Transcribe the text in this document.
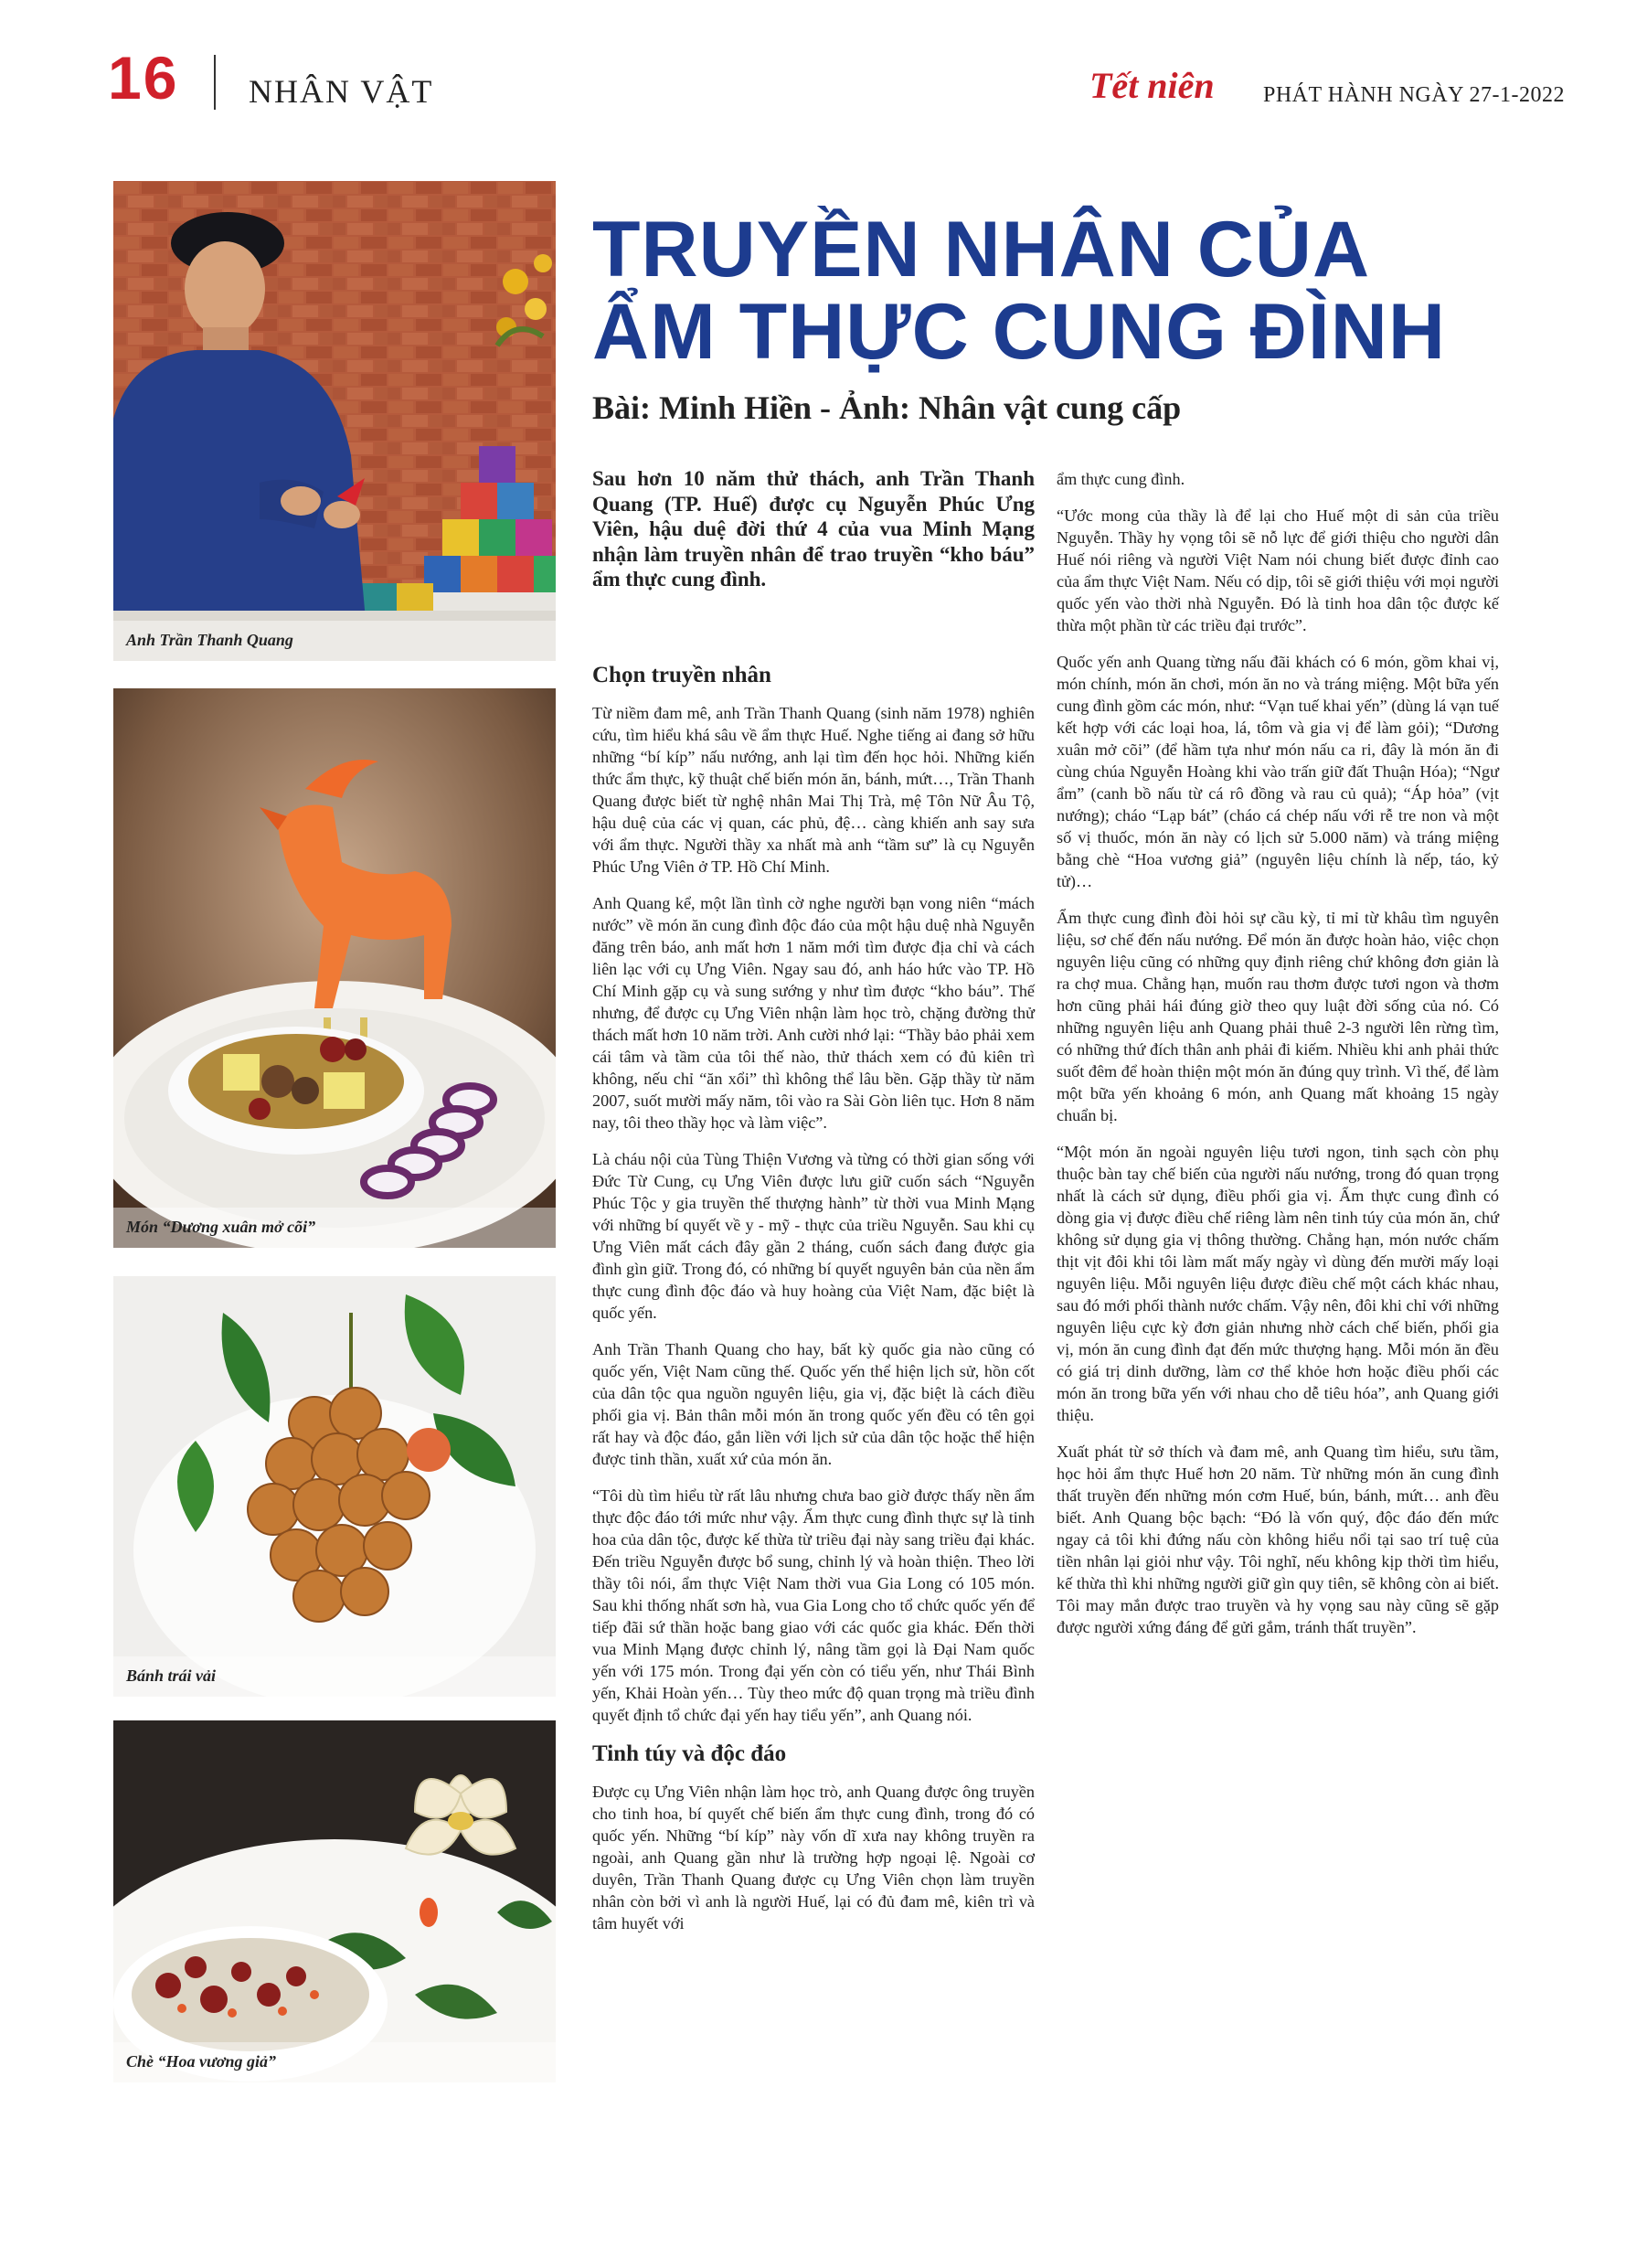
16 NHÂN VẬT	Tết niên PHÁT HÀNH NGÀY 27-1-2022
Anh Trần Thanh Quang
Món “Dương xuân mở cõi”
Bánh trái vải
Chè “Hoa vương giả”
TRUYỀN NHÂN CỦA
ẨM THỰC CUNG ĐÌNH
Bài: Minh Hiền - Ảnh: Nhân vật cung cấp
Sau hơn 10 năm thử thách, anh Trần Thanh Quang (TP. Huế) được cụ Nguyễn Phúc Ưng Viên, hậu duệ đời thứ 4 của vua Minh Mạng nhận làm truyền nhân để trao truyền “kho báu” ẩm thực cung đình.

Chọn truyền nhân

Từ niềm đam mê, anh Trần Thanh Quang (sinh năm 1978) nghiên cứu, tìm hiểu khá sâu về ẩm thực Huế. Nghe tiếng ai đang sở hữu những “bí kíp” nấu nướng, anh lại tìm đến học hỏi. Những kiến thức ẩm thực, kỹ thuật chế biến món ăn, bánh, mứt…, Trần Thanh Quang được biết từ nghệ nhân Mai Thị Trà, mệ Tôn Nữ Âu Tộ, hậu duệ của các vị quan, các phủ, đệ… càng khiến anh say sưa với ẩm thực. Người thầy xa nhất mà anh “tầm sư” là cụ Nguyễn Phúc Ưng Viên ở TP. Hồ Chí Minh.

Anh Quang kể, một lần tình cờ nghe người bạn vong niên “mách nước” về món ăn cung đình độc đáo của một hậu duệ nhà Nguyễn đăng trên báo, anh mất hơn 1 năm mới tìm được địa chỉ và cách liên lạc với cụ Ưng Viên. Ngay sau đó, anh háo hức vào TP. Hồ Chí Minh gặp cụ và sung sướng y như tìm được “kho báu”. Thế nhưng, để được cụ Ưng Viên nhận làm học trò, chặng đường thử thách mất hơn 10 năm trời. Anh cười nhớ lại: “Thầy bảo phải xem cái tâm và tầm của tôi thế nào, thử thách xem có đủ kiên trì không, nếu chỉ “ăn xổi” thì không thể lâu bền. Gặp thầy từ năm 2007, suốt mười mấy năm, tôi vào ra Sài Gòn liên tục. Hơn 8 năm nay, tôi theo thầy học và làm việc”.

Là cháu nội của Tùng Thiện Vương và từng có thời gian sống với Đức Từ Cung, cụ Ưng Viên được lưu giữ cuốn sách “Nguyễn Phúc Tộc y gia truyền thế thượng hành” từ thời vua Minh Mạng với những bí quyết về y - mỹ - thực của triều Nguyễn. Sau khi cụ Ưng Viên mất cách đây gần 2 tháng, cuốn sách đang được gia đình gìn giữ. Trong đó, có những bí quyết nguyên bản của nền ẩm thực cung đình độc đáo và huy hoàng của Việt Nam, đặc biệt là quốc yến.

Anh Trần Thanh Quang cho hay, bất kỳ quốc gia nào cũng có quốc yến, Việt Nam cũng thế. Quốc yến thể hiện lịch sử, hồn cốt của dân tộc qua nguồn nguyên liệu, gia vị, đặc biệt là cách điều phối gia vị. Bản thân mỗi món ăn trong quốc yến đều có tên gọi rất hay và độc đáo, gắn liền với lịch sử của dân tộc hoặc thể hiện được tinh thần, xuất xứ của món ăn.

“Tôi dù tìm hiểu từ rất lâu nhưng chưa bao giờ được thấy nền ẩm thực độc đáo tới mức như vậy. Ẩm thực cung đình thực sự là tinh hoa của dân tộc, được kế thừa từ triều đại này sang triều đại khác. Đến triều Nguyễn được bổ sung, chỉnh lý và hoàn thiện. Theo lời thầy tôi nói, ẩm thực Việt Nam thời vua Gia Long có 105 món. Sau khi thống nhất sơn hà, vua Gia Long cho tổ chức quốc yến để tiếp đãi sứ thần hoặc bang giao với các quốc gia khác. Đến thời vua Minh Mạng được chỉnh lý, nâng tầm gọi là Đại Nam quốc yến với 175 món. Trong đại yến còn có tiểu yến, như Thái Bình yến, Khải Hoàn yến… Tùy theo mức độ quan trọng mà triều đình quyết định tổ chức đại yến hay tiểu yến”, anh Quang nói.

Tinh túy và độc đáo

Được cụ Ưng Viên nhận làm học trò, anh Quang được ông truyền cho tinh hoa, bí quyết chế biến ẩm thực cung đình, trong đó có quốc yến. Những “bí kíp” này vốn dĩ xưa nay không truyền ra ngoài, anh Quang gần như là trường hợp ngoại lệ. Ngoài cơ duyên, Trần Thanh Quang được cụ Ưng Viên chọn làm truyền nhân còn bởi vì anh là người Huế, lại có đủ đam mê, kiên trì và tâm huyết với

ẩm thực cung đình.

“Ước mong của thầy là để lại cho Huế một di sản của triều Nguyễn. Thầy hy vọng tôi sẽ nỗ lực để giới thiệu cho người dân Huế nói riêng và người Việt Nam nói chung biết được đỉnh cao của ẩm thực Việt Nam. Nếu có dịp, tôi sẽ giới thiệu với mọi người quốc yến vào thời nhà Nguyễn. Đó là tinh hoa dân tộc được kế thừa một phần từ các triều đại trước”.

Quốc yến anh Quang từng nấu đãi khách có 6 món, gồm khai vị, món chính, món ăn chơi, món ăn no và tráng miệng. Một bữa yến cung đình gồm các món, như: “Vạn tuế khai yến” (dùng lá vạn tuế kết hợp với các loại hoa, lá, tôm và gia vị để làm gỏi); “Dương xuân mở cõi” (để hầm tựa như món nấu ca ri, đây là món ăn đi cùng chúa Nguyễn Hoàng khi vào trấn giữ đất Thuận Hóa); “Ngư ẩm” (canh bồ nấu từ cá rô đồng và rau củ quả); “Áp hỏa” (vịt nướng); cháo “Lạp bát” (cháo cá chép nấu với rễ tre non và một số vị thuốc, món ăn này có lịch sử 5.000 năm) và tráng miệng bằng chè “Hoa vương giả” (nguyên liệu chính là nếp, táo, kỷ tử)…

Ẩm thực cung đình đòi hỏi sự cầu kỳ, tỉ mỉ từ khâu tìm nguyên liệu, sơ chế đến nấu nướng. Để món ăn được hoàn hảo, việc chọn nguyên liệu cũng có những quy định riêng chứ không đơn giản là ra chợ mua. Chẳng hạn, muốn rau thơm được tươi ngon và thơm hơn cũng phải hái đúng giờ theo quy luật đời sống của nó. Có những nguyên liệu anh Quang phải thuê 2-3 người lên rừng tìm, có những thứ đích thân anh phải đi kiếm. Nhiều khi anh phải thức suốt đêm để hoàn thiện một món ăn đúng quy trình. Vì thế, để làm một bữa yến khoảng 6 món, anh Quang mất khoảng 15 ngày chuẩn bị.

“Một món ăn ngoài nguyên liệu tươi ngon, tinh sạch còn phụ thuộc bàn tay chế biến của người nấu nướng, trong đó quan trọng nhất là cách sử dụng, điều phối gia vị. Ẩm thực cung đình có dòng gia vị được điều chế riêng làm nên tinh túy của món ăn, chứ không sử dụng gia vị thông thường. Chẳng hạn, món nước chấm thịt vịt đôi khi tôi làm mất mấy ngày vì dùng đến mười mấy loại nguyên liệu. Mỗi nguyên liệu được điều chế một cách khác nhau, sau đó mới phối thành nước chấm. Vậy nên, đôi khi chỉ với những nguyên liệu cực kỳ đơn giản nhưng nhờ cách chế biến, phối gia vị, món ăn cung đình đạt đến mức thượng hạng. Mỗi món ăn đều có giá trị dinh dưỡng, làm cơ thể khỏe hơn hoặc điều phối các món ăn trong bữa yến với nhau cho dễ tiêu hóa”, anh Quang giới thiệu.

Xuất phát từ sở thích và đam mê, anh Quang tìm hiểu, sưu tầm, học hỏi ẩm thực Huế hơn 20 năm. Từ những món ăn cung đình thất truyền đến những món cơm Huế, bún, bánh, mứt… anh đều biết. Anh Quang bộc bạch: “Đó là vốn quý, độc đáo đến mức ngay cả tôi khi đứng nấu còn không hiểu nổi tại sao trí tuệ của tiền nhân lại giỏi như vậy. Tôi nghĩ, nếu không kịp thời tìm hiểu, kế thừa thì khi những người giữ gìn quy tiên, sẽ không còn ai biết. Tôi may mắn được trao truyền và hy vọng sau này cũng sẽ gặp được người xứng đáng để gửi gắm, tránh thất truyền”.
